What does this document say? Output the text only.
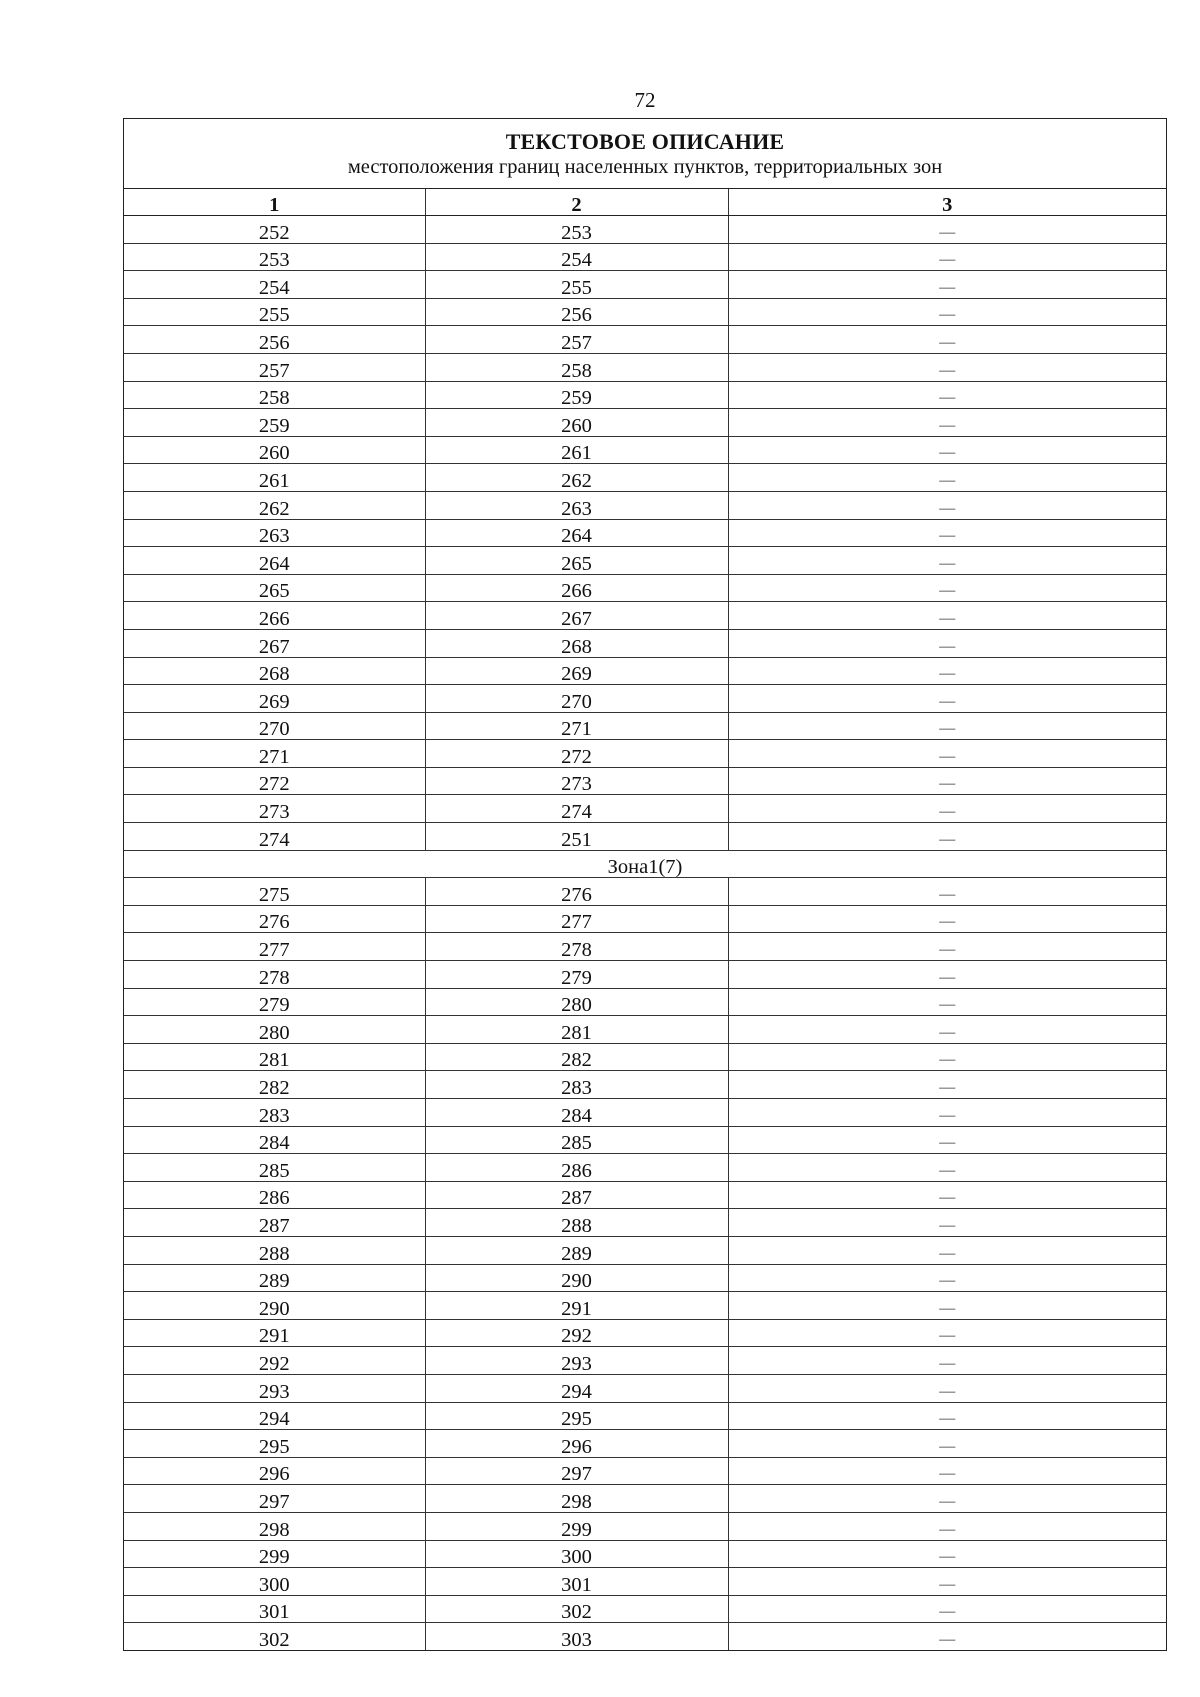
72
ТЕКСТОВОЕ ОПИСАНИЕ
местоположения границ населенных пунктов, территориальных зон
1	2	3
252	253	—
253	254	—
254	255	—
255	256	—
256	257	—
257	258	—
258	259	—
259	260	—
260	261	—
261	262	—
262	263	—
263	264	—
264	265	—
265	266	—
266	267	—
267	268	—
268	269	—
269	270	—
270	271	—
271	272	—
272	273	—
273	274	—
274	251	—
Зона1(7)		
275	276	—
276	277	—
277	278	—
278	279	—
279	280	—
280	281	—
281	282	—
282	283	—
283	284	—
284	285	—
285	286	—
286	287	—
287	288	—
288	289	—
289	290	—
290	291	—
291	292	—
292	293	—
293	294	—
294	295	—
295	296	—
296	297	—
297	298	—
298	299	—
299	300	—
300	301	—
301	302	—
302	303	—
